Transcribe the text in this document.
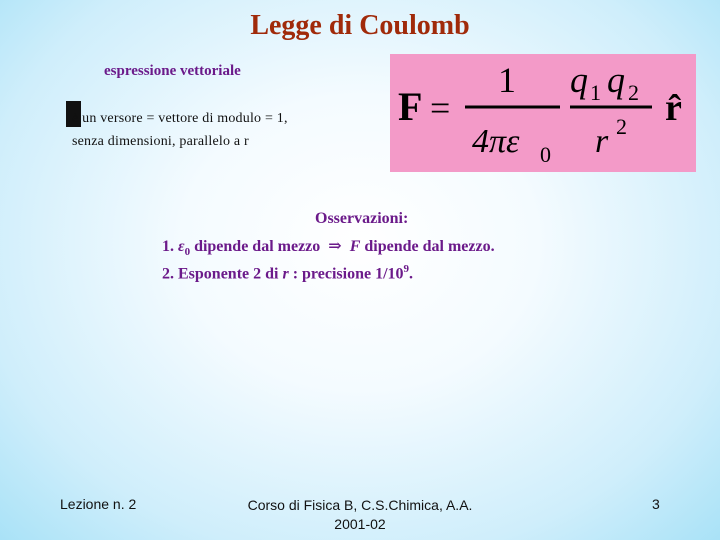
Legge di Coulomb
espressione vettoriale
è un versore = vettore di modulo = 1,
senza dimensioni, parallelo a r
F =
1
4πε 0
q 1 q 2
r 2 r̂
Osservazioni:
1. $\varepsilon_0$ dipende dal mezzo ⇒ F dipende dal mezzo.
2. Esponente 2 di r : precisione $1/10^9$.
Lezione n. 2	Corso di Fisica B, C.S.Chimica, A.A.
2001-02
3
